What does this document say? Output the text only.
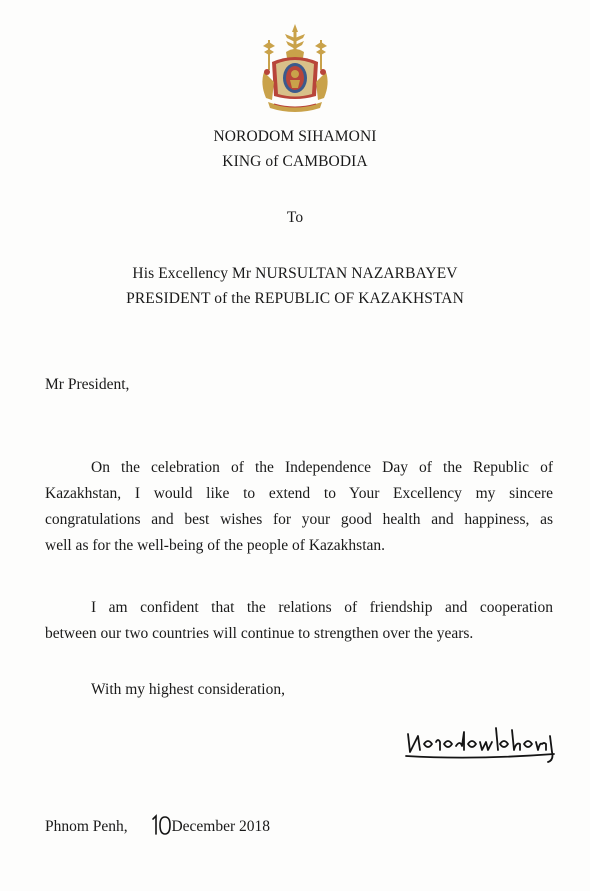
NORODOM SIHAMONI
KING of CAMBODIA
To
His Excellency Mr NURSULTAN NAZARBAYEV
PRESIDENT of the REPUBLIC OF KAZAKHSTAN
Mr President,
On the celebration of the Independence Day of the Republic of
Kazakhstan, I would like to extend to Your Excellency my sincere
congratulations and best wishes for your good health and happiness, as
well as for the well-being of the people of Kazakhstan.
I am confident that the relations of friendship and cooperation
between our two countries will continue to strengthen over the years.
With my highest consideration,
Phnom Penh,	December 2018
